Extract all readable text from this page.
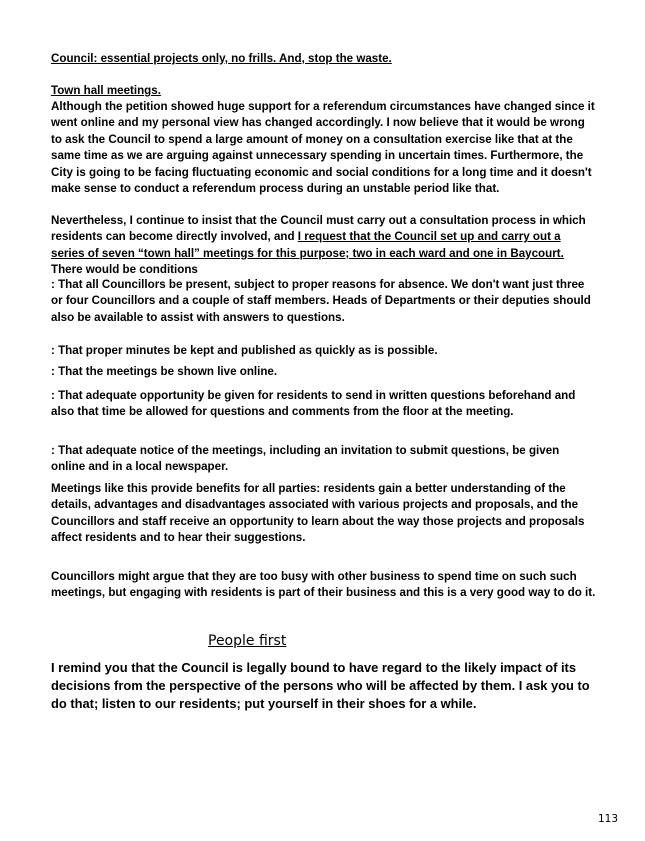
Council: essential projects only, no frills. And, stop the waste.

Town hall meetings.

Although the petition showed huge support for a referendum circumstances have changed since it went online and my personal view has changed accordingly. I now believe that it would be wrong to ask the Council to spend a large amount of money on a consultation exercise like that at the same time as we are arguing against unnecessary spending in uncertain times. Furthermore, the City is going to be facing fluctuating economic and social conditions for a long time and it doesn't make sense to conduct a referendum process during an unstable period like that.

Nevertheless, I continue to insist that the Council must carry out a consultation process in which residents can become directly involved, and I request that the Council set up and carry out a series of seven “town hall” meetings for this purpose; two in each ward and one in Baycourt. There would be conditions

: That all Councillors be present, subject to proper reasons for absence. We don't want just three or four Councillors and a couple of staff members. Heads of Departments or their deputies should also be available to assist with answers to questions.

: That proper minutes be kept and published as quickly as is possible.

: That the meetings be shown live online.

: That adequate opportunity be given for residents to send in written questions beforehand and also that time be allowed for questions and comments from the floor at the meeting.

: That adequate notice of the meetings, including an invitation to submit questions, be given online and in a local newspaper.

Meetings like this provide benefits for all parties: residents gain a better understanding of the details, advantages and disadvantages associated with various projects and proposals, and the Councillors and staff receive an opportunity to learn about the way those projects and proposals affect residents and to hear their suggestions.

Councillors might argue that they are too busy with other business to spend time on such such meetings, but engaging with residents is part of their business and this is a very good way to do it.

People first

I remind you that the Council is legally bound to have regard to the likely impact of its decisions from the perspective of the persons who will be affected by them. I ask you to do that; listen to our residents; put yourself in their shoes for a while.

113
